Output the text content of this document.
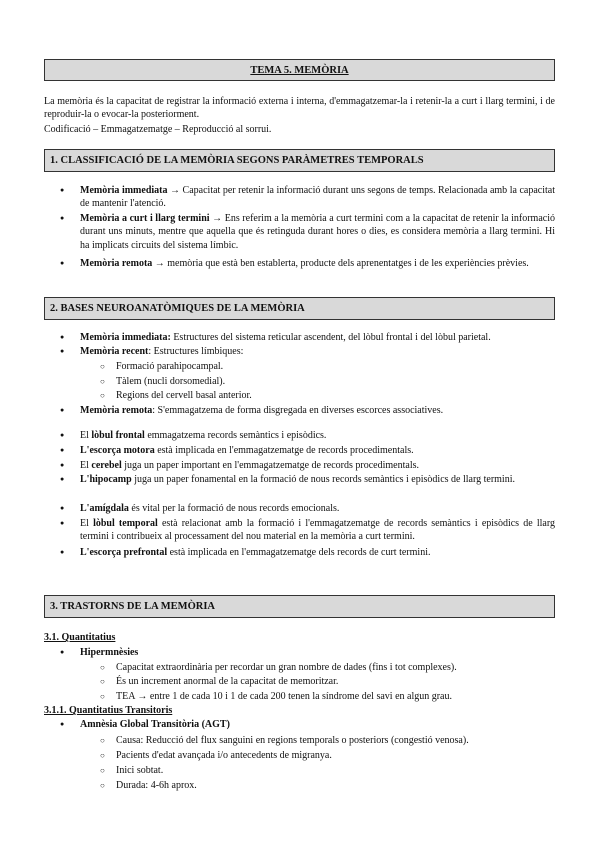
TEMA 5. MEMÒRIA
La memòria és la capacitat de registrar la informació externa i interna, d'emmagatzemar-la i retenir-la a curt i llarg termini, i de reproduir-la o evocar-la posteriorment.
Codificació – Emmagatzematge – Reproducció al sorrui.
1. CLASSIFICACIÓ DE LA MEMÒRIA SEGONS PARÀMETRES TEMPORALS
● Memòria immediata → Capacitat per retenir la informació durant uns segons de temps. Relacionada amb la capacitat de mantenir l'atenció.
● Memòria a curt i llarg termini → Ens referim a la memòria a curt termini com a la capacitat de retenir la informació durant uns minuts, mentre que aquella que és retinguda durant hores o dies, es considera memòria a llarg termini. Hi ha implicats circuits del sistema límbic.
● Memòria remota → memòria que està ben establerta, producte dels aprenentatges i de les experiències prèvies.
2. BASES NEUROANATÒMIQUES DE LA MEMÒRIA
● Memòria immediata: Estructures del sistema reticular ascendent, del lòbul frontal i del lòbul parietal.
● Memòria recent: Estructures límbiques:
○ Formació parahipocampal.
○ Tàlem (nucli dorsomedial).
○ Regions del cervell basal anterior.
● Memòria remota: S'emmagatzema de forma disgregada en diverses escorces associatives.
● El lòbul frontal emmagatzema records semàntics i episòdics.
● L'escorça motora està implicada en l'emmagatzematge de records procedimentals.
● El cerebel juga un paper important en l'emmagatzematge de records procedimentals.
● L'hipocamp juga un paper fonamental en la formació de nous records semàntics i episòdics de llarg termini.
● L'amígdala és vital per la formació de nous records emocionals.
● El lòbul temporal està relacionat amb la formació i l'emmagatzematge de records semàntics i episòdics de llarg termini i contribueix al processament del nou material en la memòria a curt termini.
● L'escorça prefrontal està implicada en l'emmagatzematge dels records de curt termini.
3. TRASTORNS DE LA MEMÒRIA
3.1. Quantitatius
● Hipermnèsies
○ Capacitat extraordinària per recordar un gran nombre de dades (fins i tot complexes).
○ És un increment anormal de la capacitat de memoritzar.
○ TEA → entre 1 de cada 10 i 1 de cada 200 tenen la síndrome del savi en algun grau.
3.1.1. Quantitatius Transitoris
● Amnèsia Global Transitòria (AGT)
○ Causa: Reducció del flux sanguini en regions temporals o posteriors (congestió venosa).
○ Pacients d'edat avançada i/o antecedents de migranya.
○ Inici sobtat.
○ Durada: 4-6h aprox.
